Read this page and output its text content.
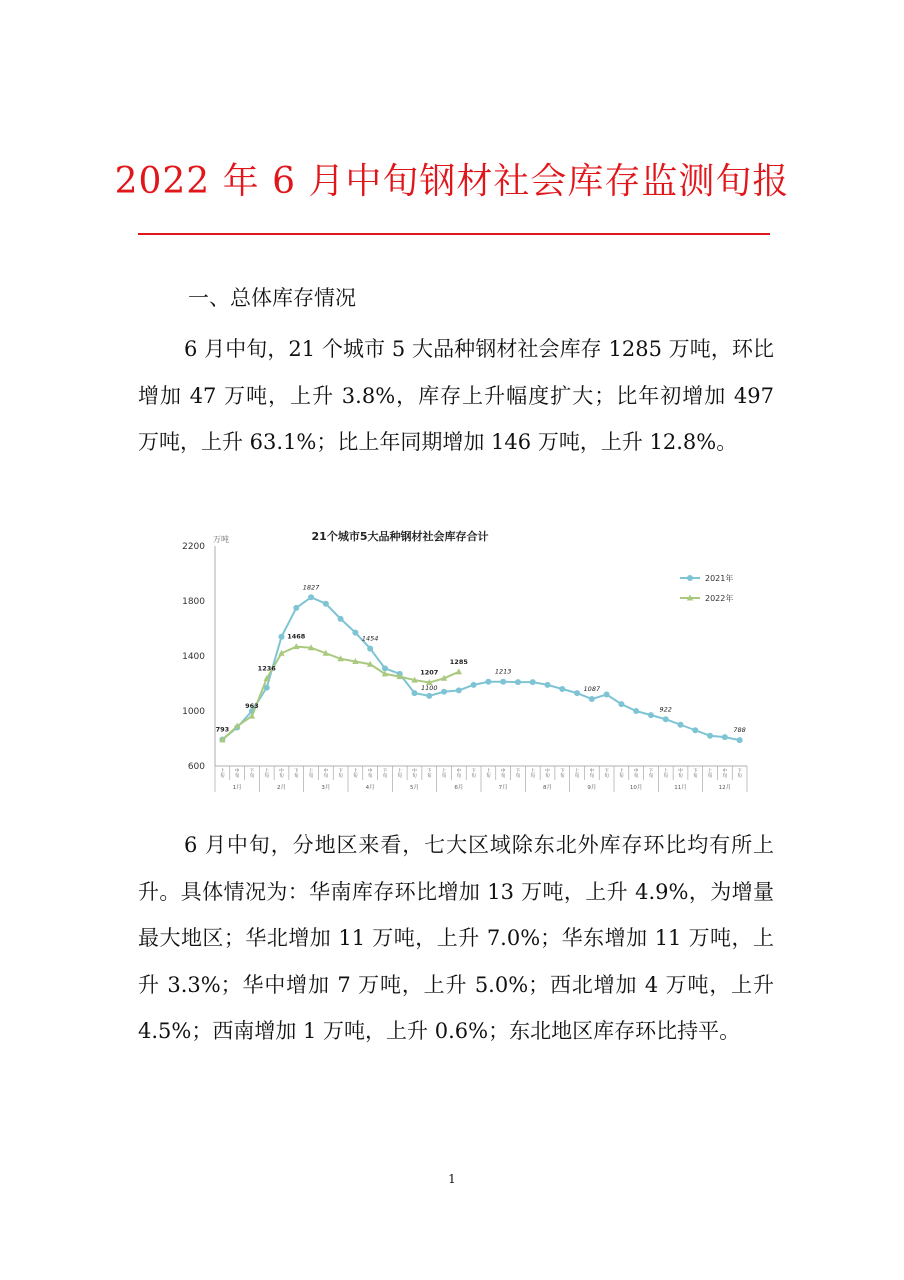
2022 年 6 月中旬钢材社会库存监测旬报
一、总体库存情况

6 月中旬，21 个城市 5 大品种钢材社会库存 1285 万吨，环比增加 47 万吨，上升 3.8%，库存上升幅度扩大；比年初增加 497 万吨，上升 63.1%；比上年同期增加 146 万吨，上升 12.8%。

21个城市5大品种钢材社会库存合计
万吨
600
1000
1400
1800
2200
上旬
中旬
下旬
上旬
中旬
下旬
上旬
中旬
下旬
上旬
中旬
下旬
上旬
中旬
下旬
上旬
中旬
下旬
上旬
中旬
下旬
上旬
中旬
下旬
上旬
中旬
下旬
上旬
中旬
下旬
上旬
中旬
下旬
上旬
中旬
下旬
1月	2月	3月	4月	5月	6月	7月	8月	9月	10月	11月	12月
793
963
1236
1468
1827
1454
1207
1285
1100
1213
1087
922
788
2021年
2022年

6 月中旬，分地区来看，七大区域除东北外库存环比均有所上升。具体情况为：华南库存环比增加 13 万吨，上升 4.9%，为增量最大地区；华北增加 11 万吨，上升 7.0%；华东增加 11 万吨，上升 3.3%；华中增加 7 万吨，上升 5.0%；西北增加 4 万吨，上升 4.5%；西南增加 1 万吨，上升 0.6%；东北地区库存环比持平。

1
